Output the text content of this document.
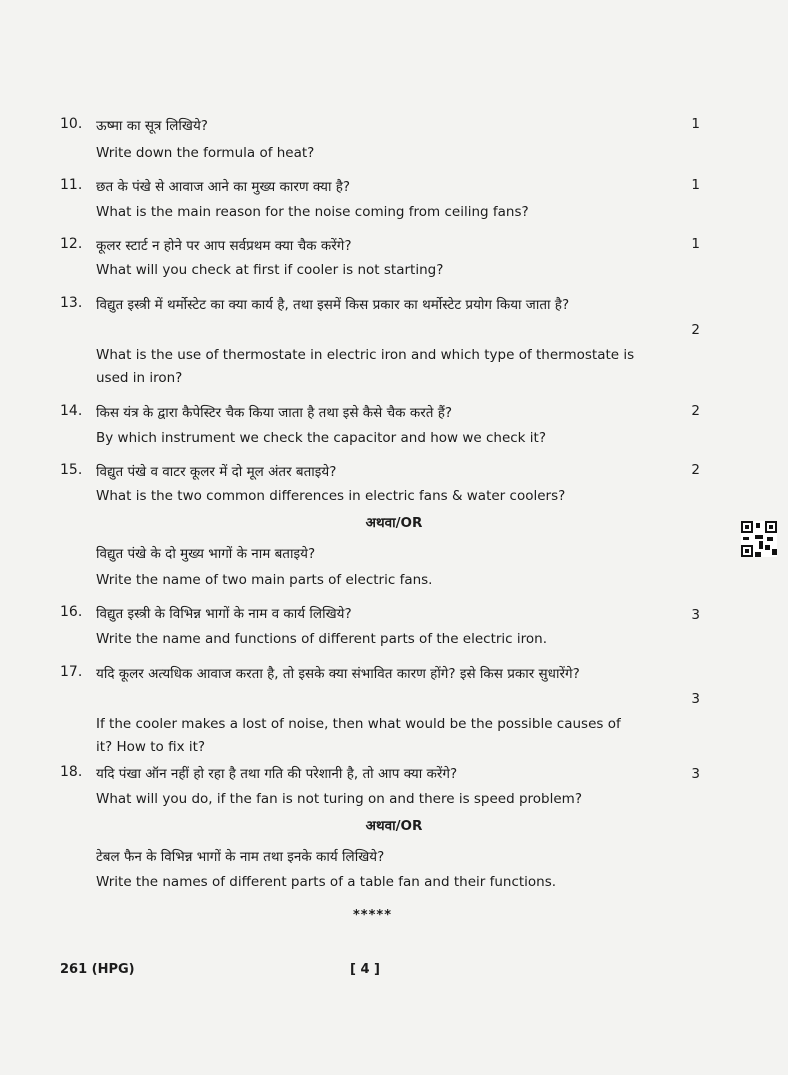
10. ऊष्मा का सूत्र लिखिये?
Write down the formula of heat?
1
11. छत के पंखे से आवाज आने का मुख्य कारण क्या है?
What is the main reason for the noise coming from ceiling fans?
1
12. कूलर स्टार्ट न होने पर आप सर्वप्रथम क्या चैक करेंगे?
What will you check at first if cooler is not starting?
1
13. विद्युत इस्त्री में थर्मोस्टेट का क्या कार्य है, तथा इसमें किस प्रकार का थर्मोस्टेट प्रयोग किया जाता है?
2
What is the use of thermostate in electric iron and which type of thermostate is
used in iron?
14. किस यंत्र के द्वारा कैपेस्टिर चैक किया जाता है तथा इसे कैसे चैक करते हैं?
By which instrument we check the capacitor and how we check it?
2
15. विद्युत पंखे व वाटर कूलर में दो मूल अंतर बताइये?
What is the two common differences in electric fans & water coolers?
2
अथवा/OR
विद्युत पंखे के दो मुख्य भागों के नाम बताइये?
Write the name of two main parts of electric fans.
16. विद्युत इस्त्री के विभिन्न भागों के नाम व कार्य लिखिये?
Write the name and functions of different parts of the electric iron.
3
17. यदि कूलर अत्यधिक आवाज करता है, तो इसके क्या संभावित कारण होंगे? इसे किस प्रकार सुधारेंगे?
3
If the cooler makes a lost of noise, then what would be the possible causes of
it? How to fix it?
18. यदि पंखा ऑन नहीं हो रहा है तथा गति की परेशानी है, तो आप क्या करेंगे?
What will you do, if the fan is not turing on and there is speed problem?
3
अथवा/OR
टेबल फैन के विभिन्न भागों के नाम तथा इनके कार्य लिखिये?
Write the names of different parts of a table fan and their functions.
*****
261 (HPG)	[ 4 ]
